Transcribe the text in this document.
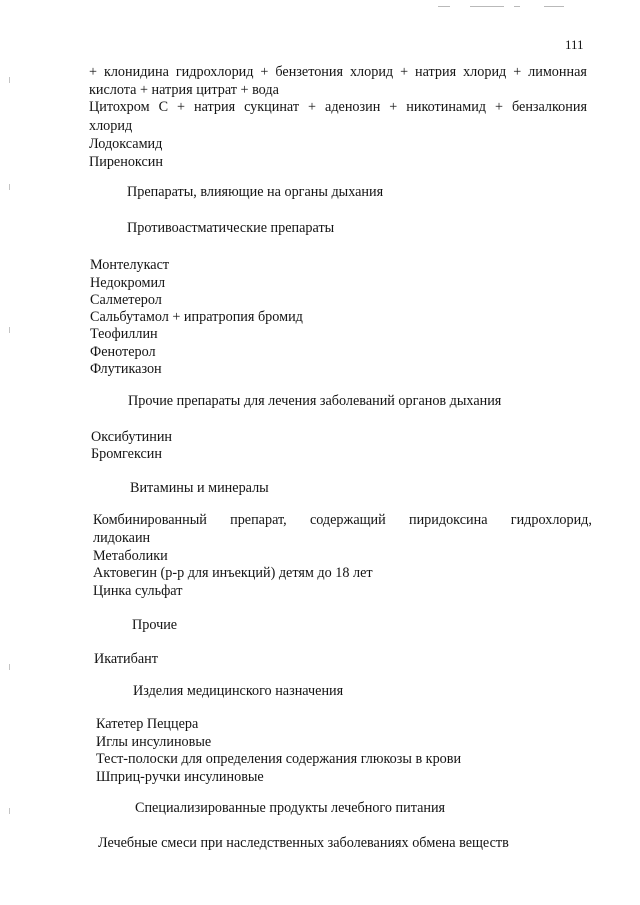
111
+ клонидина гидрохлорид + бензетония хлорид + натрия хлорид + лимонная
кислота + натрия цитрат + вода
Цитохром С + натрия сукцинат + аденозин + никотинамид + бензалкония
хлорид
Лодоксамид
Пиреноксин
Препараты, влияющие на органы дыхания
Противоастматические препараты
Монтелукаст
Недокромил
Салметерол
Сальбутамол + ипратропия бромид
Теофиллин
Фенотерол
Флутиказон
Прочие препараты для лечения заболеваний органов дыхания
Оксибутинин
Бромгексин
Витамины и минералы
Комбинированный препарат, содержащий пиридоксина гидрохлорид,
лидокаин
Метаболики
Актовегин (р-р для инъекций) детям до 18 лет
Цинка сульфат
Прочие
Икатибант
Изделия медицинского назначения
Катетер Пеццера
Иглы инсулиновые
Тест-полоски для определения содержания глюкозы в крови
Шприц-ручки инсулиновые
Специализированные продукты лечебного питания
Лечебные смеси при наследственных заболеваниях обмена веществ
